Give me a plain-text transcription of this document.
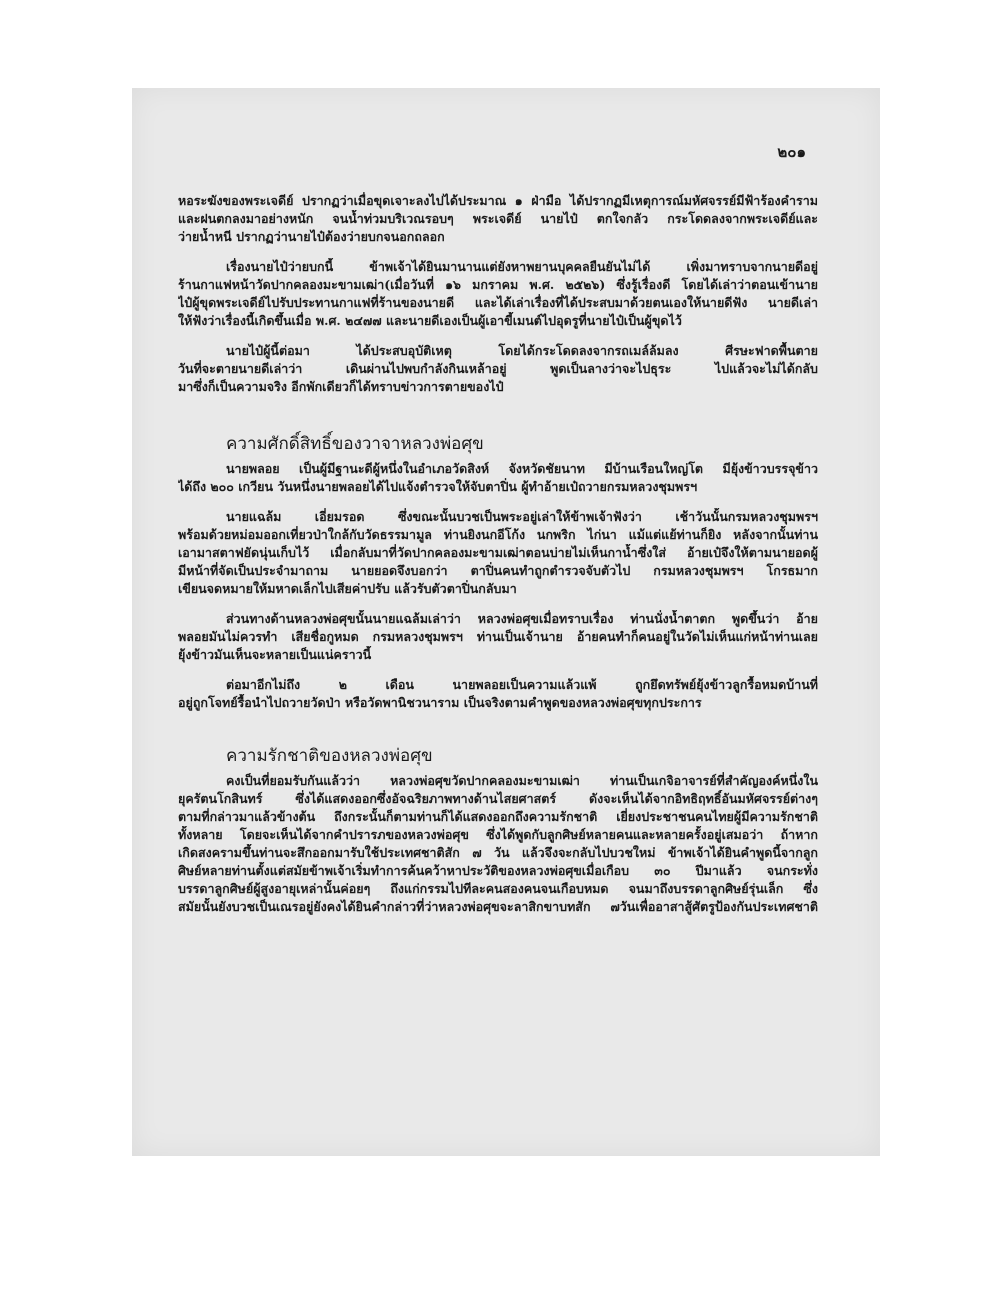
๒๐๑
หอระฆังของพระเจดีย์ ปรากฏว่าเมื่อขุดเจาะลงไปได้ประมาณ ๑ ฝ่ามือ ได้ปรากฏมีเหตุการณ์มหัศจรรย์มีฟ้าร้องคำราม
และฝนตกลงมาอย่างหนัก จนน้ำท่วมบริเวณรอบๆ พระเจดีย์ นายไป๋ ตกใจกลัว กระโดดลงจากพระเจดีย์และ
ว่ายน้ำหนี ปรากฏว่านายไป๋ต้องว่ายบกจนอกถลอก
เรื่องนายไป๋ว่ายบกนี้ ข้าพเจ้าได้ยินมานานแต่ยังหาพยานบุคคลยืนยันไม่ได้ เพิ่งมาทราบจากนายดีอยู่
ร้านกาแฟหน้าวัดปากคลองมะขามเฒ่า(เมื่อวันที่ ๑๖ มกราคม พ.ศ. ๒๕๒๖) ซึ่งรู้เรื่องดี โดยได้เล่าว่าตอนเข้านาย
ไป๋ผู้ขุดพระเจดีย์ไปรับประทานกาแฟที่ร้านของนายดี และได้เล่าเรื่องที่ได้ประสบมาด้วยตนเองให้นายดีฟัง นายดีเล่า
ให้ฟังว่าเรื่องนี้เกิดขึ้นเมื่อ พ.ศ. ๒๔๗๗ และนายดีเองเป็นผู้เอาขี้เมนต์ไปอุดรูที่นายไป๋เป็นผู้ขุดไว้
นายไป๋ผู้นี้ต่อมา ได้ประสบอุบัติเหตุ โดยได้กระโดดลงจากรถเมล์ล้มลง ศีรษะฟาดพื้นตาย
วันที่จะตายนายดีเล่าว่า เดินผ่านไปพบกำลังกินเหล้าอยู่ พูดเป็นลางว่าจะไปธุระ ไปแล้วจะไม่ได้กลับ
มาซึ่งก็เป็นความจริง อีกพักเดียวก็ได้ทราบข่าวการตายของไป๋
ความศักดิ์สิทธิ์ของวาจาหลวงพ่อศุข
นายพลอย เป็นผู้มีฐานะดีผู้หนึ่งในอำเภอวัดสิงห์ จังหวัดชัยนาท มีบ้านเรือนใหญ่โต มียุ้งข้าวบรรจุข้าว
ได้ถึง ๒๐๐ เกวียน วันหนึ่งนายพลอยได้ไปแจ้งตำรวจให้จับตาปิ่น ผู้ทำอ้ายเป๋ถวายกรมหลวงชุมพรฯ
นายแฉล้ม เอี่ยมรอด ซึ่งขณะนั้นบวชเป็นพระอยู่เล่าให้ข้าพเจ้าฟังว่า เช้าวันนั้นกรมหลวงชุมพรฯ
พร้อมด้วยหม่อมออกเที่ยวป่าใกล้กับวัดธรรมามูล ท่านยิงนกอีโก้ง นกพริก ไก่นา แม้แต่แย้ท่านก็ยิง หลังจากนั้นท่าน
เอามาสตาฟยัดนุ่นเก็บไว้ เมื่อกลับมาที่วัดปากคลองมะขามเฒ่าตอนบ่ายไม่เห็นกาน้ำซึ่งใส่ อ้ายเป๋จึงให้ตามนายอดผู้
มีหน้าที่จัดเป็นประจำมาถาม นายยอดจึงบอกว่า ตาปิ่นคนทำถูกตำรวจจับตัวไป กรมหลวงชุมพรฯ โกรธมาก
เขียนจดหมายให้มหาดเล็กไปเสียค่าปรับ แล้วรับตัวตาปิ่นกลับมา
ส่วนทางด้านหลวงพ่อศุขนั้นนายแฉล้มเล่าว่า หลวงพ่อศุขเมื่อทราบเรื่อง ท่านนั่งน้ำตาตก พูดขึ้นว่า อ้าย
พลอยมันไม่ควรทำ เสียชื่อกูหมด กรมหลวงชุมพรฯ ท่านเป็นเจ้านาย อ้ายคนทำก็คนอยู่ในวัดไม่เห็นแก่หน้าท่านเลย
ยุ้งข้าวมันเห็นจะหลายเป็นแน่คราวนี้
ต่อมาอีกไม่ถึง ๒ เดือน นายพลอยเป็นความแล้วแพ้ ถูกยึดทรัพย์ยุ้งข้าวลูกรื้อหมดบ้านที่
อยู่ถูกโจทย์รื้อนำไปถวายวัดป่า หรือวัดพานิชวนาราม เป็นจริงตามคำพูดของหลวงพ่อศุขทุกประการ
ความรักชาติของหลวงพ่อศุข
คงเป็นที่ยอมรับกันแล้วว่า หลวงพ่อศุขวัดปากคลองมะขามเฒ่า ท่านเป็นเกจิอาจารย์ที่สำคัญองค์หนึ่งใน
ยุครัตนโกสินทร์ ซึ่งได้แสดงออกซึ่งอัจฉริยภาพทางด้านไสยศาสตร์ ดังจะเห็นได้จากอิทธิฤทธิ์อันมหัศจรรย์ต่างๆ
ตามที่กล่าวมาแล้วข้างต้น ถึงกระนั้นก็ตามท่านก็ได้แสดงออกถึงความรักชาติ เยี่ยงประชาชนคนไทยผู้มีความรักชาติ
ทั้งหลาย โดยจะเห็นได้จากคำปรารภของหลวงพ่อศุข ซึ่งได้พูดกับลูกศิษย์หลายคนและหลายครั้งอยู่เสมอว่า ถ้าหาก
เกิดสงครามขึ้นท่านจะสึกออกมารับใช้ประเทศชาติสัก ๗ วัน แล้วจึงจะกลับไปบวชใหม่ ข้าพเจ้าได้ยินคำพูดนี้จากลูก
ศิษย์หลายท่านตั้งแต่สมัยข้าพเจ้าเริ่มทำการค้นคว้าหาประวัติของหลวงพ่อศุขเมื่อเกือบ ๓๐ ปีมาแล้ว จนกระทั่ง
บรรดาลูกศิษย์ผู้สูงอายุเหล่านั้นค่อยๆ ถึงแก่กรรมไปทีละคนสองคนจนเกือบหมด จนมาถึงบรรดาลูกศิษย์รุ่นเล็ก ซึ่ง
สมัยนั้นยังบวชเป็นเณรอยู่ยังคงได้ยินคำกล่าวที่ว่าหลวงพ่อศุขจะลาสิกขาบทสัก ๗วันเพื่ออาสาสู้ศัตรูป้องกันประเทศชาติ
